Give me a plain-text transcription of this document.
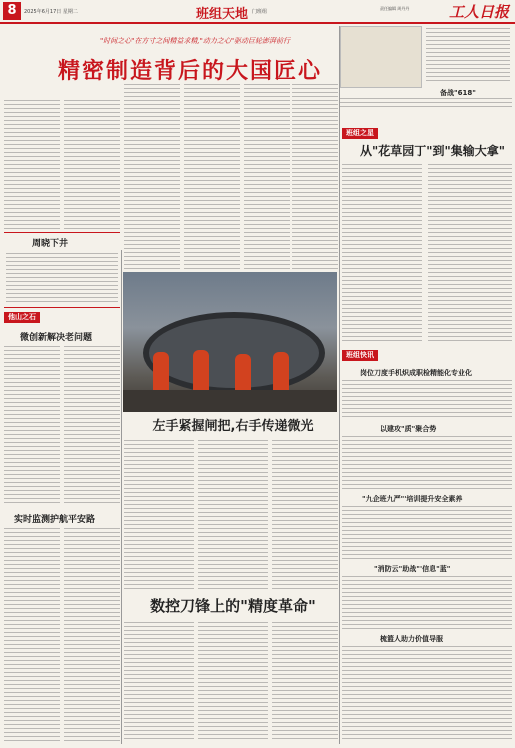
8	2025年6月17日 星期二	班组天地 门班组
责任编辑 周丹丹	工人日报
"时间之心"在方寸之间精益求精,"动力之心"驱动巨轮澎湃前行
精密制造背后的大国匠心
周晓下井
他山之石
微创新解决老问题
实时监测护航平安路
左手紧握闸把,右手传递微光
数控刀锋上的"精度革命"
备战"618"
班组之星
从"花草园丁"到"集输大拿"
班组快讯
岗位刀度手机炽成职检精能化专业化
以建攻"质"聚合势
"九企班九严"'培训提升安全素养
"消防云"助战"'信息"蓝"
梳篮人助力价值导服
